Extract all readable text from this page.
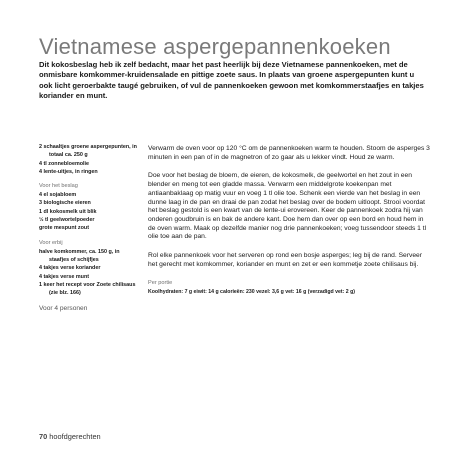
Vietnamese aspergepannenkoeken

Dit kokosbeslag heb ik zelf bedacht, maar het past heerlijk bij deze Vietnamese pannenkoeken, met de onmisbare komkommer-kruidensalade en pittige zoete saus. In plaats van groene aspergepunten kunt u ook licht geroerbakte taugé gebruiken, of vul de pannenkoeken gewoon met komkommerstaafjes en takjes koriander en munt.

2 schaaltjes groene aspergepunten, in
totaal ca. 250 g
4 tl zonnebloemolie
4 lente-uitjes, in ringen
Voor het beslag
4 el sojabloem
3 biologische eieren
1 dl kokosmelk uit blik
½ tl geelwortelpoeder
grote mespunt zout
Voor erbij
halve komkommer, ca. 150 g, in
staafjes of schijfjes
4 takjes verse koriander
4 takjes verse munt
1 keer het recept voor Zoete chilisaus
(zie blz. 166)
Voor 4 personen

Verwarm de oven voor op 120 °C om de pannenkoeken warm te houden. Stoom de asperges 3 minuten in een pan of in de magnetron of zo gaar als u lekker vindt. Houd ze warm.

Doe voor het beslag de bloem, de eieren, de kokosmelk, de geelwortel en het zout in een blender en meng tot een gladde massa. Verwarm een middelgrote koekenpan met antiaanbaklaag op matig vuur en voeg 1 tl olie toe. Schenk een vierde van het beslag in een dunne laag in de pan en draai de pan zodat het beslag over de bodem uitloopt. Strooi voordat het beslag gestold is een kwart van de lente-ui erovereen. Keer de pannenkoek zodra hij van onderen goudbruin is en bak de andere kant. Doe hem dan over op een bord en houd hem in de oven warm. Maak op dezelfde manier nog drie pannenkoeken; voeg tussendoor steeds 1 tl olie toe aan de pan.

Rol elke pannenkoek voor het serveren op rond een bosje asperges; leg bij de rand. Serveer het gerecht met komkommer, koriander en munt en zet er een kommetje zoete chilisaus bij.

Per portie
Koolhydraten: 7 g eiwit: 14 g calorieën: 230 vezel: 3,6 g vet: 16 g (verzadigd vet: 2 g)
70 hoofdgerechten
